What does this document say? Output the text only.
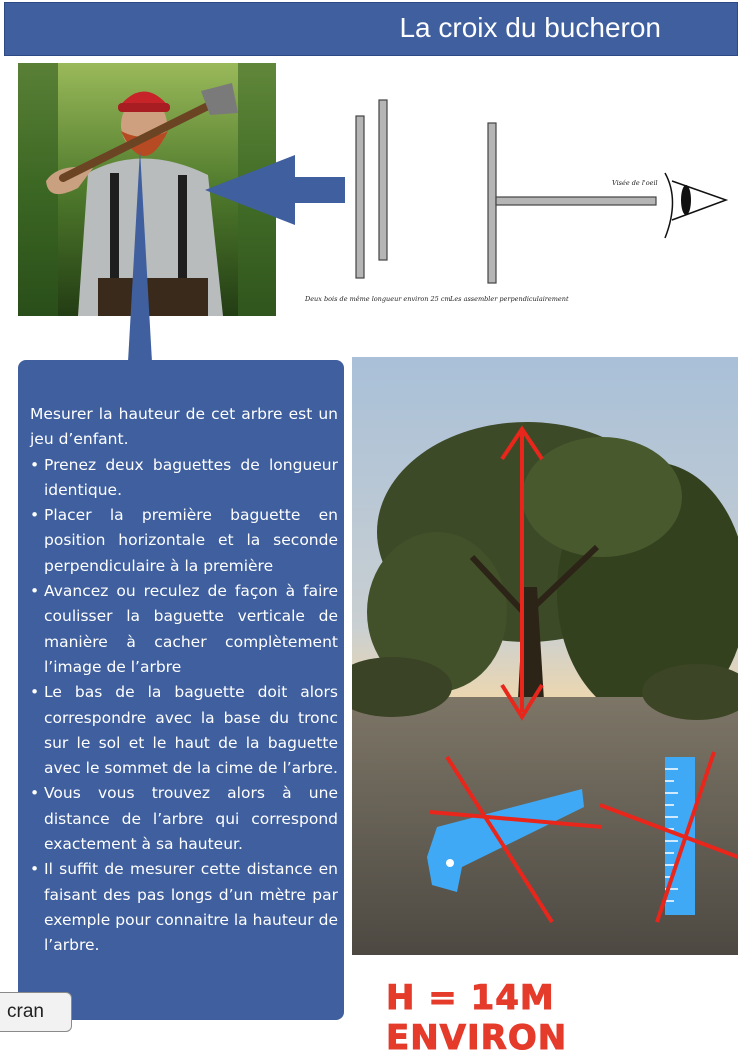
La croix du bucheron
Deux bois de même longueur environ 25 cm Les assembler perpendiculairement
Visée de l'oeil

Mesurer la hauteur de cet arbre est un jeu d’enfant.

• Prenez deux baguettes de longueur identique.
• Placer la première baguette en position horizontale et la seconde perpendiculaire à la première
• Avancez ou reculez de façon à faire coulisser la baguette verticale de manière à cacher complètement l’image de l’arbre
• Le bas de la baguette doit alors correspondre avec la base du tronc sur le sol et le haut de la baguette avec le sommet de la cime de l’arbre.
• Vous vous trouvez alors à une distance de l’arbre qui correspond exactement à sa hauteur.
• Il suffit de mesurer cette distance en faisant des pas longs d’un mètre par exemple pour connaitre la hauteur de l’arbre.
H = 14M ENVIRON
cran
